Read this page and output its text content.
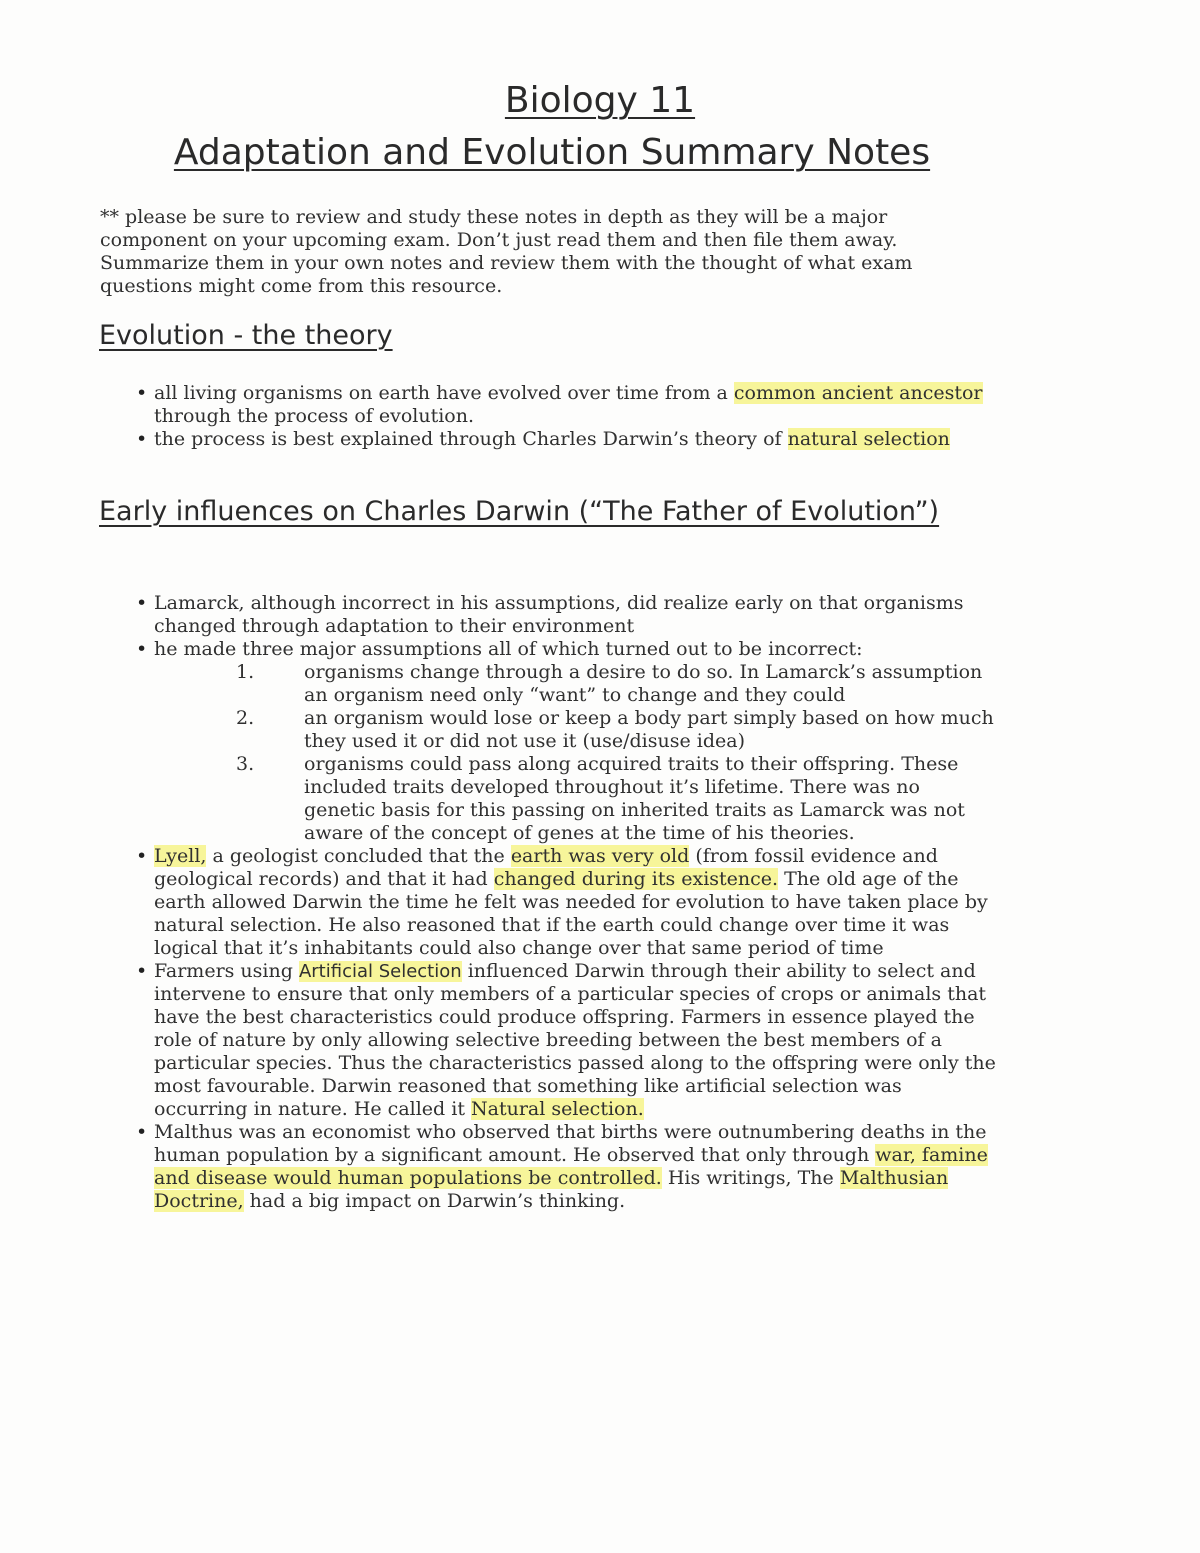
Biology 11
Adaptation and Evolution Summary Notes

** please be sure to review and study these notes in depth as they will be a major component on your upcoming exam. Don’t just read them and then file them away. Summarize them in your own notes and review them with the thought of what exam questions might come from this resource.

Evolution - the theory
• all living organisms on earth have evolved over time from a common ancient ancestor through the process of evolution.
• the process is best explained through Charles Darwin’s theory of natural selection
Early influences on Charles Darwin (“The Father of Evolution”)
• Lamarck, although incorrect in his assumptions, did realize early on that organisms changed through adaptation to their environment
• he made three major assumptions all of which turned out to be incorrect:
1.	organisms change through a desire to do so. In Lamarck’s assumption an organism need only “want” to change and they could
2.	an organism would lose or keep a body part simply based on how much they used it or did not use it (use/disuse idea)
3.	organisms could pass along acquired traits to their offspring. These included traits developed throughout it’s lifetime. There was no genetic basis for this passing on inherited traits as Lamarck was not aware of the concept of genes at the time of his theories.
• Lyell, a geologist concluded that the earth was very old (from fossil evidence and geological records) and that it had changed during its existence. The old age of the earth allowed Darwin the time he felt was needed for evolution to have taken place by natural selection. He also reasoned that if the earth could change over time it was logical that it’s inhabitants could also change over that same period of time
• Farmers using Artificial Selection influenced Darwin through their ability to select and intervene to ensure that only members of a particular species of crops or animals that have the best characteristics could produce offspring. Farmers in essence played the role of nature by only allowing selective breeding between the best members of a particular species. Thus the characteristics passed along to the offspring were only the most favourable. Darwin reasoned that something like artificial selection was occurring in nature. He called it Natural selection.
• Malthus was an economist who observed that births were outnumbering deaths in the human population by a significant amount. He observed that only through war, famine and disease would human populations be controlled. His writings, The Malthusian Doctrine, had a big impact on Darwin’s thinking.
